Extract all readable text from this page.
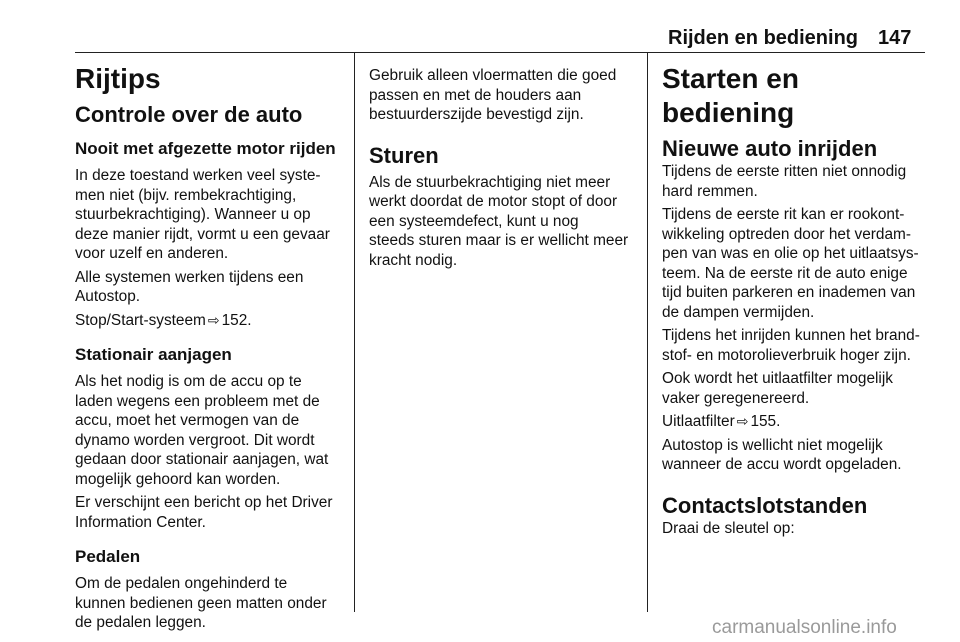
Rijden en bediening 147
Rijtips
Controle over de auto
Nooit met afgezette motor rijden
In deze toestand werken veel syste-
men niet (bijv. rembekrachtiging,
stuurbekrachtiging). Wanneer u op
deze manier rijdt, vormt u een gevaar
voor uzelf en anderen.
Alle systemen werken tijdens een
Autostop.
Stop/Start-systeem ⇨ 152.
Stationair aanjagen
Als het nodig is om de accu op te
laden wegens een probleem met de
accu, moet het vermogen van de
dynamo worden vergroot. Dit wordt
gedaan door stationair aanjagen, wat
mogelijk gehoord kan worden.
Er verschijnt een bericht op het Driver
Information Center.
Pedalen
Om de pedalen ongehinderd te
kunnen bedienen geen matten onder
de pedalen leggen.
Gebruik alleen vloermatten die goed
passen en met de houders aan
bestuurderszijde bevestigd zijn.
Sturen
Als de stuurbekrachtiging niet meer
werkt doordat de motor stopt of door
een systeemdefect, kunt u nog
steeds sturen maar is er wellicht meer
kracht nodig.
Starten en bediening
Nieuwe auto inrijden
Tijdens de eerste ritten niet onnodig
hard remmen.
Tijdens de eerste rit kan er rookont-
wikkeling optreden door het verdam-
pen van was en olie op het uitlaatsys-
teem. Na de eerste rit de auto enige
tijd buiten parkeren en inademen van
de dampen vermijden.
Tijdens het inrijden kunnen het brand-
stof- en motorolieverbruik hoger zijn.
Ook wordt het uitlaatfilter mogelijk
vaker geregenereerd.
Uitlaatfilter ⇨ 155.
Autostop is wellicht niet mogelijk
wanneer de accu wordt opgeladen.
Contactslotstanden
Draai de sleutel op:
carmanualsonline.info
